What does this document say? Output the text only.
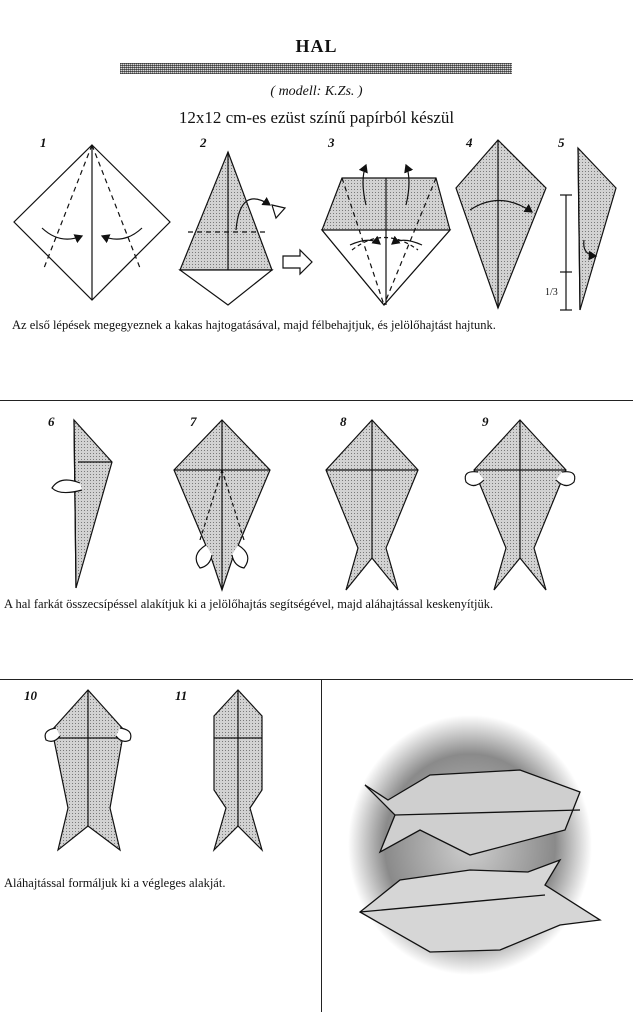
HAL
( modell: K.Zs. )
12x12 cm-es ezüst színű papírból készül
1	2	3	4	5
6	7	8	9
10	11
1/3
Az első lépések megegyeznek a kakas hajtogatásával, majd félbehajtjuk, és jelölőhajtást hajtunk.
A hal farkát összecsípéssel alakítjuk ki a jelölőhajtás segítségével, majd aláhajtással keskenyítjük.
Aláhajtással formáljuk ki a végleges alakját.
